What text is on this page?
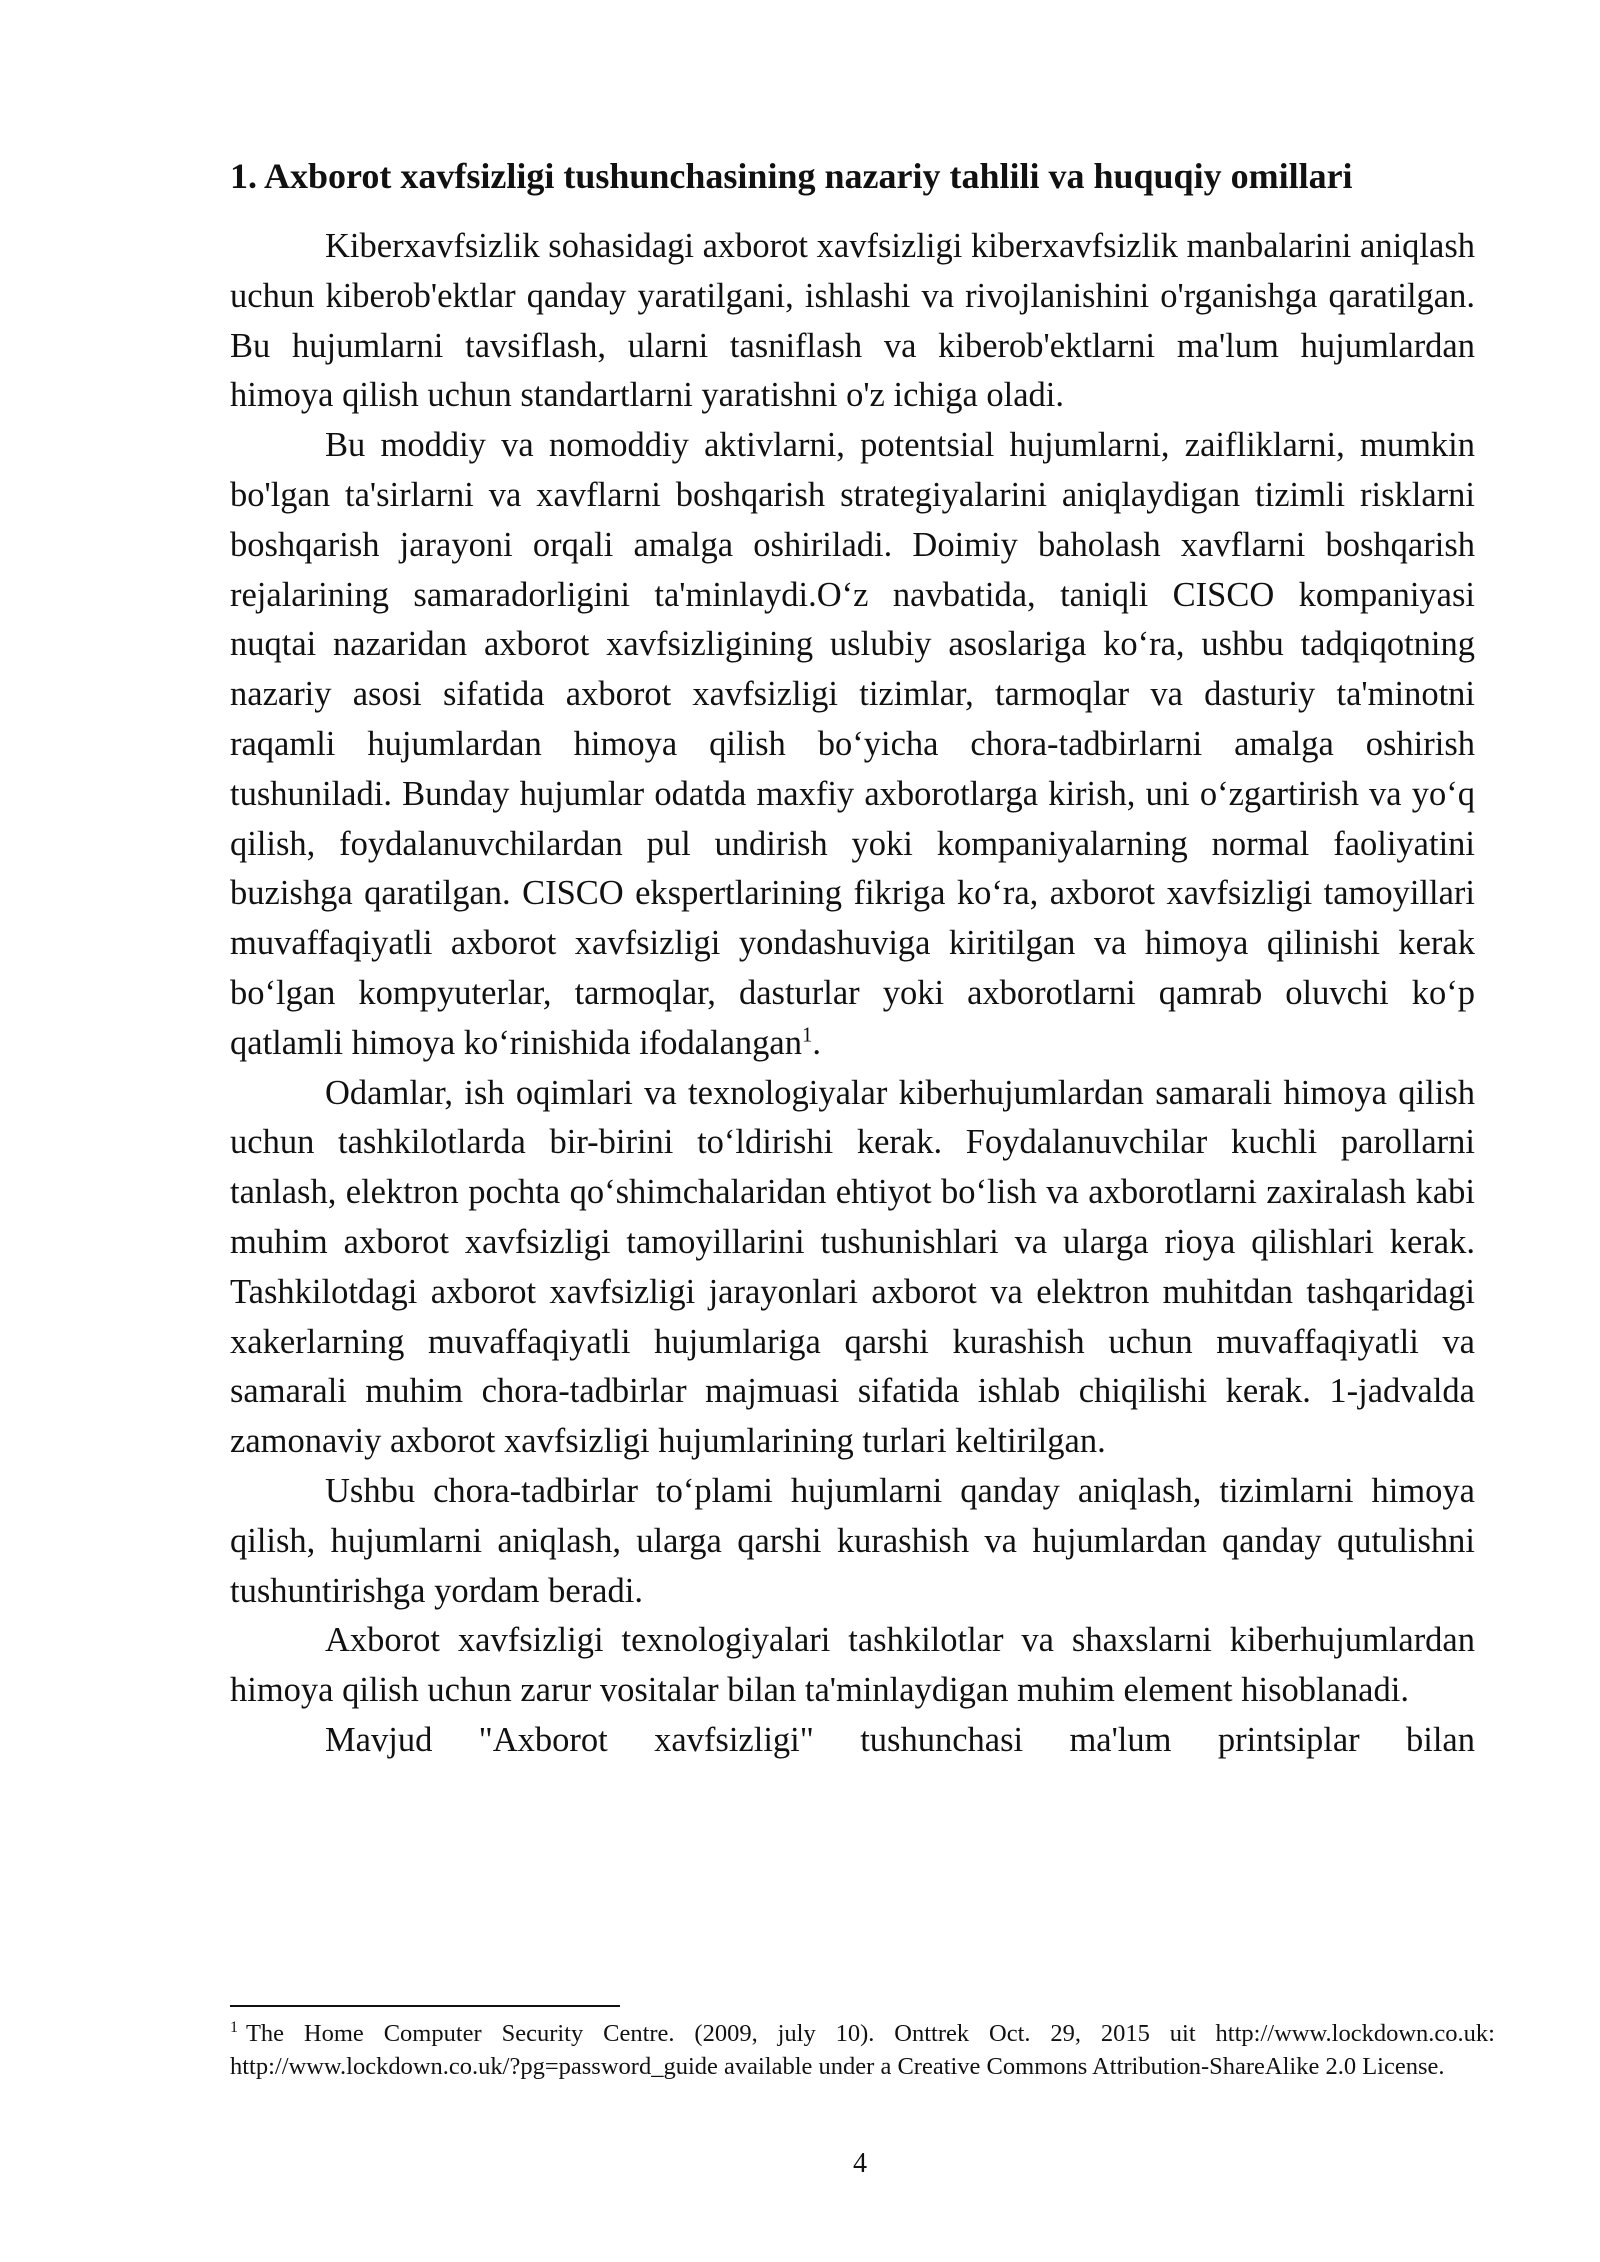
1. Axborot xavfsizligi tushunchasining nazariy tahlili va huquqiy omillari

Kiberxavfsizlik sohasidagi axborot xavfsizligi kiberxavfsizlik manbalarini aniqlash uchun kiberob'ektlar qanday yaratilgani, ishlashi va rivojlanishini o'rganishga qaratilgan. Bu hujumlarni tavsiflash, ularni tasniflash va kiberob'ektlarni ma'lum hujumlardan himoya qilish uchun standartlarni yaratishni o'z ichiga oladi.

Bu moddiy va nomoddiy aktivlarni, potentsial hujumlarni, zaifliklarni, mumkin bo'lgan ta'sirlarni va xavflarni boshqarish strategiyalarini aniqlaydigan tizimli risklarni boshqarish jarayoni orqali amalga oshiriladi. Doimiy baholash xavflarni boshqarish rejalarining samaradorligini ta'minlaydi.O‘z navbatida, taniqli CISCO kompaniyasi nuqtai nazaridan axborot xavfsizligining uslubiy asoslariga ko‘ra, ushbu tadqiqotning nazariy asosi sifatida axborot xavfsizligi tizimlar, tarmoqlar va dasturiy ta'minotni raqamli hujumlardan himoya qilish bo‘yicha chora-tadbirlarni amalga oshirish tushuniladi. Bunday hujumlar odatda maxfiy axborotlarga kirish, uni o‘zgartirish va yo‘q qilish, foydalanuvchilardan pul undirish yoki kompaniyalarning normal faoliyatini buzishga qaratilgan. CISCO ekspertlarining fikriga ko‘ra, axborot xavfsizligi tamoyillari muvaffaqiyatli axborot xavfsizligi yondashuviga kiritilgan va himoya qilinishi kerak bo‘lgan kompyuterlar, tarmoqlar, dasturlar yoki axborotlarni qamrab oluvchi ko‘p qatlamli himoya ko‘rinishida ifodalangan$^1$.

Odamlar, ish oqimlari va texnologiyalar kiberhujumlardan samarali himoya qilish uchun tashkilotlarda bir-birini to‘ldirishi kerak. Foydalanuvchilar kuchli parollarni tanlash, elektron pochta qo‘shimchalaridan ehtiyot bo‘lish va axborotlarni zaxiralash kabi muhim axborot xavfsizligi tamoyillarini tushunishlari va ularga rioya qilishlari kerak. Tashkilotdagi axborot xavfsizligi jarayonlari axborot va elektron muhitdan tashqaridagi xakerlarning muvaffaqiyatli hujumlariga qarshi kurashish uchun muvaffaqiyatli va samarali muhim chora-tadbirlar majmuasi sifatida ishlab chiqilishi kerak. 1-jadvalda zamonaviy axborot xavfsizligi hujumlarining turlari keltirilgan.

Ushbu chora-tadbirlar to‘plami hujumlarni qanday aniqlash, tizimlarni himoya qilish, hujumlarni aniqlash, ularga qarshi kurashish va hujumlardan qanday qutulishni tushuntirishga yordam beradi.

Axborot xavfsizligi texnologiyalari tashkilotlar va shaxslarni kiberhujumlardan himoya qilish uchun zarur vositalar bilan ta'minlaydigan muhim element hisoblanadi.

Mavjud "Axborot xavfsizligi" tushunchasi ma'lum printsiplar bilan

$^1$ The Home Computer Security Centre. (2009, july 10). Onttrek Oct. 29, 2015 uit http://www.lockdown.co.uk: http://www.lockdown.co.uk/?pg=password_guide available under a Creative Commons Attribution-ShareAlike 2.0 License.
4
